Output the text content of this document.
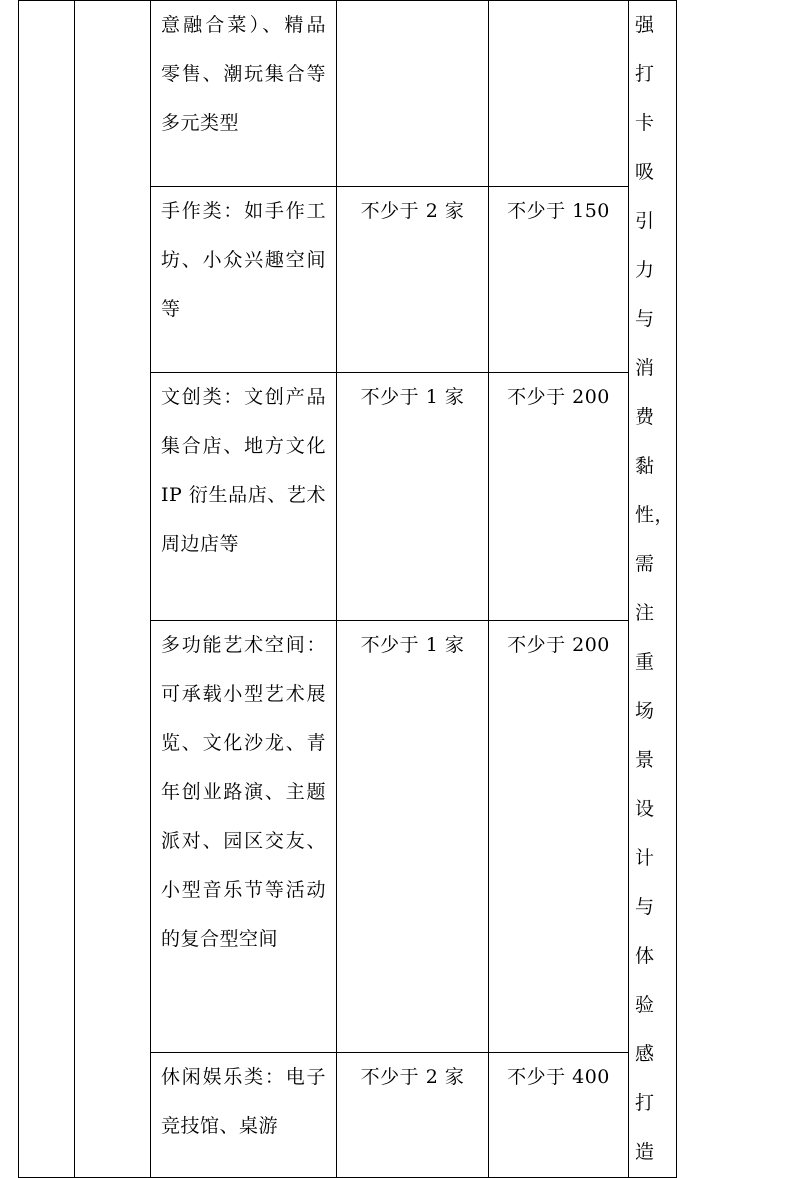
		意融合菜）、精品零售、潮玩集合等多元类型			强打卡吸引力与消费黏性，需注重场景设计与体验感打造

		手作类：如手作工坊、小众兴趣空间等	不少于 2 家	不少于 150	

		文创类：文创产品集合店、地方文化 IP 衍生品店、艺术周边店等	不少于 1 家	不少于 200	

		多功能艺术空间：可承载小型艺术展览、文化沙龙、青年创业路演、主题派对、园区交友、小型音乐节等活动的复合型空间	不少于 1 家	不少于 200	

		休闲娱乐类：电子竞技馆、桌游	不少于 2 家	不少于 400	
